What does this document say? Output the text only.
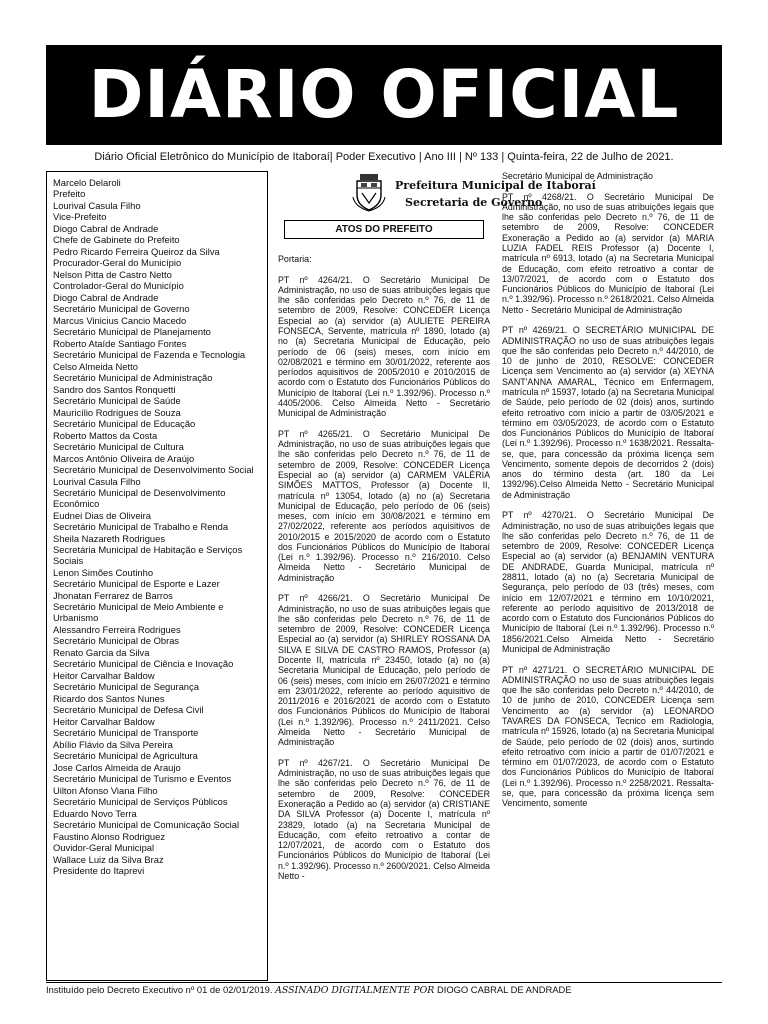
DIÁRIO OFICIAL
Diário Oficial Eletrônico do Município de Itaboraí| Poder Executivo | Ano III | Nº 133 | Quinta-feira, 22 de Julho de 2021.
Marcelo Delaroli
Prefeito
Lourival Casula Filho
Vice-Prefeito
Diogo Cabral de Andrade
Chefe de Gabinete do Prefeito
Pedro Ricardo Ferreira Queiroz da Silva
Procurador-Geral do Município
Nelson Pitta de Castro Netto
Controlador-Geral do Município
Diogo Cabral de Andrade
Secretário Municipal de Governo
Marcus Vinicius Cancio Macedo
Secretário Municipal de Planejamento
Roberto Ataíde Santiago Fontes
Secretário Municipal de Fazenda e Tecnologia
Celso Almeida Netto
Secretário Municipal de Administração
Sandro dos Santos Ronquetti
Secretário Municipal de Saúde
Mauricílio Rodrigues de Souza
Secretário Municipal de Educação
Roberto Mattos da Costa
Secretário Municipal de Cultura
Marcos Antônio Oliveira de Araújo
Secretário Municipal de Desenvolvimento Social
Lourival Casula Filho
Secretário Municipal de Desenvolvimento Econômico
Eudnei Dias de Oliveira
Secretário Municipal de Trabalho e Renda
Sheila Nazareth Rodrigues
Secretária Municipal de Habitação e Serviços Sociais
Lenon Simões Coutinho
Secretário Municipal de Esporte e Lazer
Jhonatan Ferrarez de Barros
Secretário Municipal de Meio Ambiente e Urbanismo
Alessandro Ferreira Rodrigues
Secretário Municipal de Obras
Renato Garcia da Silva
Secretário Municipal de Ciência e Inovação
Heitor Carvalhar Baldow
Secretário Municipal de Segurança
Ricardo dos Santos Nunes
Secretário Municipal de Defesa Civil
Heitor Carvalhar Baldow
Secretário Municipal de Transporte
Abílio Flávio da Silva Pereira
Secretário Municipal de Agricultura
Jose Carlos Almeida de Araujo
Secretário Municipal de Turismo e Eventos
Uilton Afonso Viana Filho
Secretário Municipal de Serviços Públicos
Eduardo Novo Terra
Secretário Municipal de Comunicação Social
Faustino Alonso Rodriguez
Ouvidor-Geral Municipal
Wallace Luiz da Silva Braz
Presidente do Itaprevi
Prefeitura Municipal de Itaboraí
Secretaria de Governo
ATOS DO PREFEITO

Portaria:

PT nº 4264/21. O Secretário Municipal De Administração, no uso de suas atribuições legais que lhe são conferidas pelo Decreto n.º 76, de 11 de setembro de 2009, Resolve: CONCEDER Licença Especial ao (a) servidor (a) AULIETE PEREIRA FONSECA, Servente, matrícula nº 1890, lotado (a) no (a) Secretaria Municipal de Educação, pelo período de 06 (seis) meses, com início em 02/08/2021 e término em 30/01/2022, referente aos períodos aquisitivos de 2005/2010 e 2010/2015 de acordo com o Estatuto dos Funcionários Públicos do Município de Itaboraí (Lei n.º 1.392/96). Processo n.º 4405/2006. Celso Almeida Netto - Secretário Municipal de Administração

PT nº 4265/21. O Secretário Municipal De Administração, no uso de suas atribuições legais que lhe são conferidas pelo Decreto n.º 76, de 11 de setembro de 2009, Resolve: CONCEDER Licença Especial ao (a) servidor (a) CARMEM VALÉRIA SIMÕES MATTOS, Professor (a) Docente II, matrícula nº 13054, lotado (a) no (a) Secretaria Municipal de Educação, pelo período de 06 (seis) meses, com início em 30/08/2021 e término em 27/02/2022, referente aos períodos aquisitivos de 2010/2015 e 2015/2020 de acordo com o Estatuto dos Funcionários Públicos do Município de Itaboraí (Lei n.º 1.392/96). Processo n.º 216/2010. Celso Almeida Netto - Secretário Municipal de Administração

PT nº 4266/21. O Secretário Municipal De Administração, no uso de suas atribuições legais que lhe são conferidas pelo Decreto n.º 76, de 11 de setembro de 2009, Resolve: CONCEDER Licença Especial ao (a) servidor (a) SHIRLEY ROSSANA DA SILVA E SILVA DE CASTRO RAMOS, Professor (a) Docente II, matrícula nº 23450, lotado (a) no (a) Secretaria Municipal de Educação, pelo período de 06 (seis) meses, com início em 26/07/2021 e término em 23/01/2022, referente ao período aquisitivo de 2011/2016 e 2016/2021 de acordo com o Estatuto dos Funcionários Públicos do Município de Itaboraí (Lei n.º 1.392/96). Processo n.º 2411/2021. Celso Almeida Netto - Secretário Municipal de Administração

PT nº 4267/21. O Secretário Municipal De Administração, no uso de suas atribuições legais que lhe são conferidas pelo Decreto n.º 76, de 11 de setembro de 2009, Resolve: CONCEDER Exoneração a Pedido ao (a) servidor (a) CRISTIANE DA SILVA Professor (a) Docente I, matrícula nº 23829, lotado (a) na Secretaria Municipal de Educação, com efeito retroativo a contar de 12/07/2021, de acordo com o Estatuto dos Funcionários Públicos do Município de Itaboraí (Lei n.º 1.392/96). Processo n.º 2600/2021. Celso Almeida Netto -

Secretário Municipal de Administração

PT nº 4268/21. O Secretário Municipal De Administração, no uso de suas atribuições legais que lhe são conferidas pelo Decreto n.º 76, de 11 de setembro de 2009, Resolve: CONCEDER Exoneração a Pedido ao (a) servidor (a) MARIA LUZIA FADEL REIS Professor (a) Docente I, matrícula nº 6913, lotado (a) na Secretaria Municipal de Educação, com efeito retroativo a contar de 13/07/2021, de acordo com o Estatuto dos Funcionários Públicos do Município de Itaboraí (Lei n.º 1.392/96). Processo n.º 2618/2021. Celso Almeida Netto - Secretário Municipal de Administração

PT nº 4269/21. O SECRETÁRIO MUNICIPAL DE ADMINISTRAÇÃO no uso de suas atribuições legais que lhe são conferidas pelo Decreto n.º 44/2010, de 10 de junho de 2010, RESOLVE: CONCEDER Licença sem Vencimento ao (a) servidor (a) XEYNA SANT'ANNA AMARAL, Técnico em Enfermagem, matrícula nº 15937, lotado (a) na Secretaria Municipal de Saúde, pelo período de 02 (dois) anos, surtindo efeito retroativo com início a partir de 03/05/2021 e término em 03/05/2023, de acordo com o Estatuto dos Funcionários Públicos do Município de Itaboraí (Lei n.º 1.392/96). Processo n.º 1638/2021. Ressalta-se, que, para concessão da próxima licença sem Vencimento, somente depois de decorridos 2 (dois) anos do término desta (art. 180 da Lei 1392/96).Celso Almeida Netto - Secretário Municipal de Administração

PT nº 4270/21. O Secretário Municipal De Administração, no uso de suas atribuições legais que lhe são conferidas pelo Decreto n.º 76, de 11 de setembro de 2009, Resolve: CONCEDER Licença Especial ao (a) servidor (a) BENJAMIN VENTURA DE ANDRADE, Guarda Municipal, matrícula nº 28811, lotado (a) no (a) Secretaria Municipal de Segurança, pelo período de 03 (três) meses, com início em 12/07/2021 e término em 10/10/2021, referente ao período aquisitivo de 2013/2018 de acordo com o Estatuto dos Funcionários Públicos do Município de Itaboraí (Lei n.º 1.392/96). Processo n.º 1856/2021.Celso Almeida Netto - Secretário Municipal de Administração

PT nº 4271/21. O SECRETÁRIO MUNICIPAL DE ADMINISTRAÇÃO no uso de suas atribuições legais que lhe são conferidas pelo Decreto n.º 44/2010, de 10 de junho de 2010, CONCEDER Licença sem Vencimento ao (a) servidor (a) LEONARDO TAVARES DA FONSECA, Tecnico em Radiologia, matrícula nº 15926, lotado (a) na Secretaria Municipal de Saúde, pelo período de 02 (dois) anos, surtindo efeito retroativo com início a partir de 01/07/2021 e término em 01/07/2023, de acordo com o Estatuto dos Funcionários Públicos do Município de Itaboraí (Lei n.º 1.392/96). Processo n.º 2258/2021. Ressalta-se, que, para concessão da próxima licença sem Vencimento, somente

Instituído pelo Decreto Executivo nº 01 de 02/01/2019. ASSINADO DIGITALMENTE POR DIOGO CABRAL DE ANDRADE
